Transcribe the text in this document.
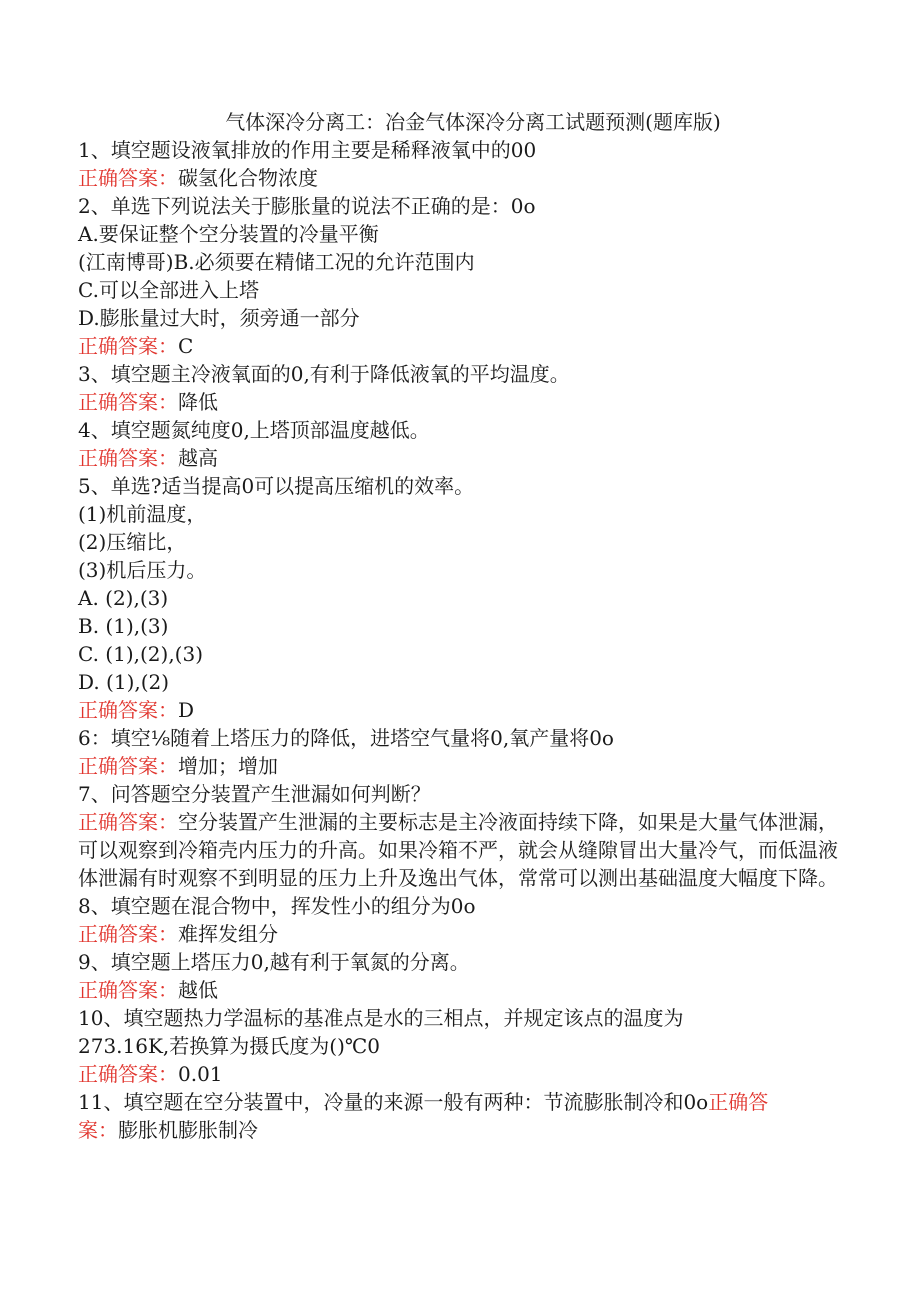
气体深冷分离工：冶金气体深冷分离工试题预测(题库版)
1、填空题设液氧排放的作用主要是稀释液氧中的00
正确答案：碳氢化合物浓度
2、单选下列说法关于膨胀量的说法不正确的是：0o
A.要保证整个空分装置的冷量平衡
(江南博哥)B.必须要在精储工况的允许范围内
C.可以全部进入上塔
D.膨胀量过大时，须旁通一部分
正确答案：C
3、填空题主冷液氧面的0,有利于降低液氧的平均温度。
正确答案：降低
4、填空题氮纯度0,上塔顶部温度越低。
正确答案：越高
5、单选?适当提高0可以提高压缩机的效率。
(1)机前温度，
(2)压缩比，
(3)机后压力。
A. (2),(3)
B. (1),(3)
C. (1),(2),(3)
D. (1),(2)
正确答案：D
6：填空⅛随着上塔压力的降低，进塔空气量将0,氧产量将0o
正确答案：增加；增加
7、问答题空分装置产生泄漏如何判断？
正确答案：空分装置产生泄漏的主要标志是主冷液面持续下降，如果是大量气体泄漏，可以观察到冷箱壳内压力的升高。如果冷箱不严，就会从缝隙冒出大量冷气，而低温液体泄漏有时观察不到明显的压力上升及逸出气体，常常可以测出基础温度大幅度下降。
8、填空题在混合物中，挥发性小的组分为0o
正确答案：难挥发组分
9、填空题上塔压力0,越有利于氧氮的分离。
正确答案：越低
10、填空题热力学温标的基准点是水的三相点，并规定该点的温度为
273.16K,若换算为摄氏度为()℃0
正确答案：0.01
11、填空题在空分装置中，冷量的来源一般有两种：节流膨胀制冷和0o正确答
案：膨胀机膨胀制冷
